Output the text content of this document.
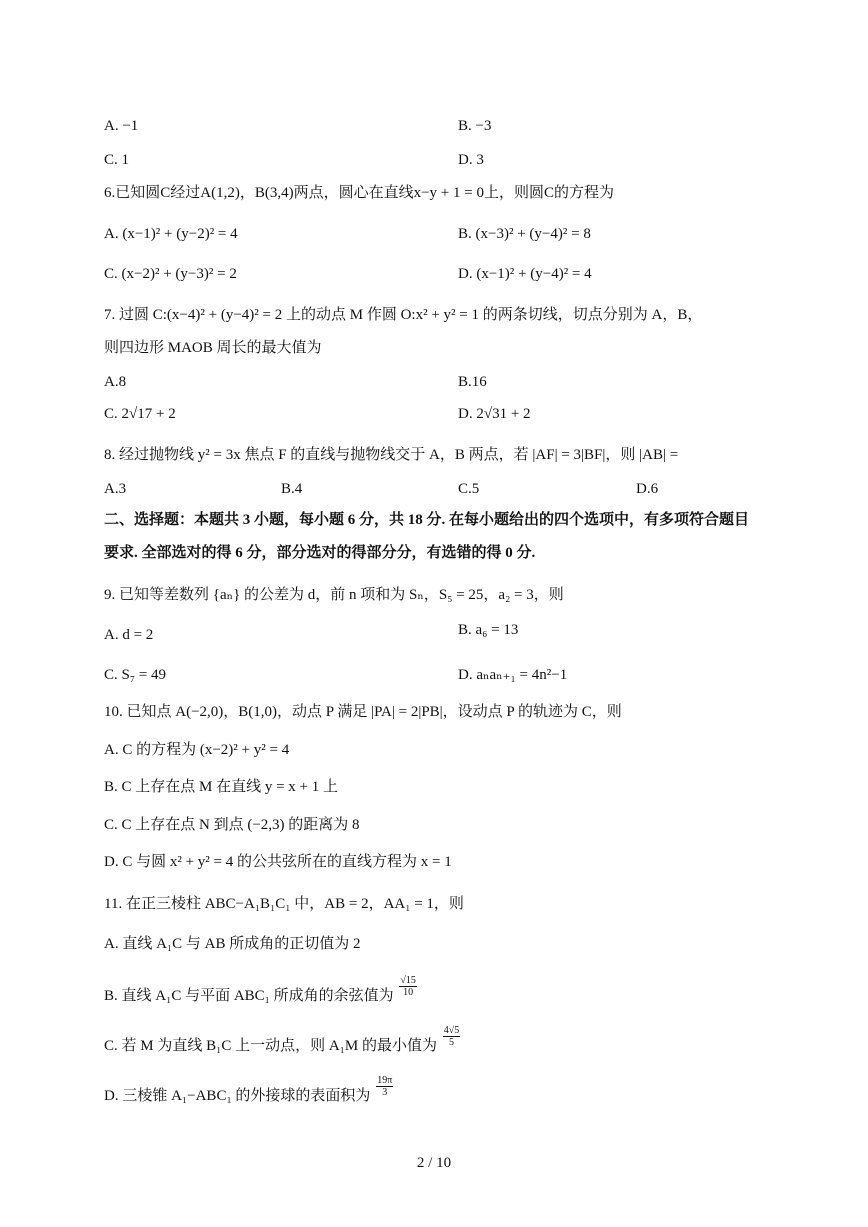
A. −1	B. −3
C. 1	D. 3
6.已知圆C经过A(1,2)，B(3,4)两点，圆心在直线x−y + 1 = 0上，则圆C的方程为
A. (x−1)² + (y−2)² = 4	B. (x−3)² + (y−4)² = 8
C. (x−2)² + (y−3)² = 2	D. (x−1)² + (y−4)² = 4
7. 过圆 C:(x−4)² + (y−4)² = 2 上的动点 M 作圆 O:x² + y² = 1 的两条切线，切点分别为 A，B，
则四边形 MAOB 周长的最大值为
A.8	B.16
C. 2√17 + 2	D. 2√31 + 2
8. 经过抛物线 y² = 3x 焦点 F 的直线与抛物线交于 A，B 两点，若 |AF| = 3|BF|，则 |AB| =
A.3	B.4	C.5	D.6
二、选择题：本题共 3 小题，每小题 6 分，共 18 分. 在每小题给出的四个选项中，有多项符合题目
要求. 全部选对的得 6 分，部分选对的得部分分，有选错的得 0 分.
9. 已知等差数列 {aₙ} 的公差为 d，前 n 项和为 Sₙ，S₅ = 25，a₂ = 3，则
A. d = 2	B. a₆ = 13
C. S₇ = 49	D. aₙaₙ₊₁ = 4n²−1
10. 已知点 A(−2,0)，B(1,0)，动点 P 满足 |PA| = 2|PB|，设动点 P 的轨迹为 C，则
A. C 的方程为 (x−2)² + y² = 4
B. C 上存在点 M 在直线 y = x + 1 上
C. C 上存在点 N 到点 (−2,3) 的距离为 8
D. C 与圆 x² + y² = 4 的公共弦所在的直线方程为 x = 1
11. 在正三棱柱 ABC−A₁B₁C₁ 中，AB = 2，AA₁ = 1，则
A. 直线 A₁C 与 AB 所成角的正切值为 2
B. 直线 A₁C 与平面 ABC₁ 所成角的余弦值为 $\frac{√15}{10}$
C. 若 M 为直线 B₁C 上一动点，则 A₁M 的最小值为 $\frac{4√5}{5}$
D. 三棱锥 A₁−ABC₁ 的外接球的表面积为 $\frac{19\pi}{3}$
2 / 10
